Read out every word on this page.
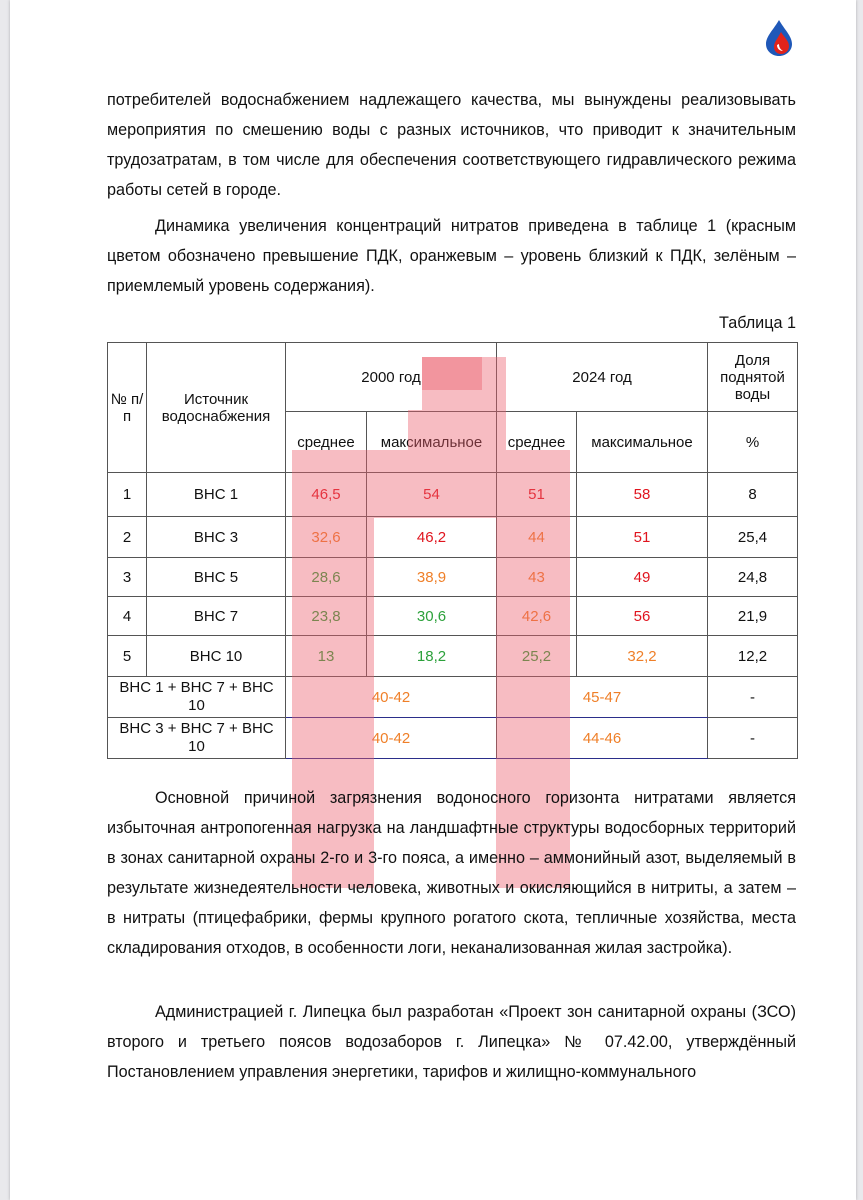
потребителей водоснабжением надлежащего качества, мы вынуждены реализовывать мероприятия по смешению воды с разных источников, что приводит к значительным трудозатратам, в том числе для обеспечения соответствующего гидравлического режима работы сетей в городе.

Динамика увеличения концентраций нитратов приведена в таблице 1 (красным цветом обозначено превышение ПДК, оранжевым – уровень близкий к ПДК, зелёным – приемлемый уровень содержания).

Таблица 1

№ п/п	Источник водоснабжения	2000 год		2024 год		Доля поднятой воды
		среднее	максимальное	среднее	максимальное	%
1	ВНС 1	46,5	54	51	58	8
2	ВНС 3	32,6	46,2	44	51	25,4
3	ВНС 5	28,6	38,9	43	49	24,8
4	ВНС 7	23,8	30,6	42,6	56	21,9
5	ВНС 10	13	18,2	25,2	32,2	12,2
ВНС 1 + ВНС 7 + ВНС 10		40-42		45-47		-
ВНС 3 + ВНС 7 + ВНС 10		40-42		44-46		-

Основной причиной загрязнения водоносного горизонта нитратами является избыточная антропогенная нагрузка на ландшафтные структуры водосборных территорий в зонах санитарной охраны 2-го и 3-го пояса, а именно – аммонийный азот, выделяемый в результате жизнедеятельности человека, животных и окисляющийся в нитриты, а затем – в нитраты (птицефабрики, фермы крупного рогатого скота, тепличные хозяйства, места складирования отходов, в особенности логи, неканализованная жилая застройка).

Администрацией г. Липецка был разработан «Проект зон санитарной охраны (ЗСО) второго и третьего поясов водозаборов г. Липецка» № 07.42.00, утверждённый Постановлением управления энергетики, тарифов и жилищно-коммунального
